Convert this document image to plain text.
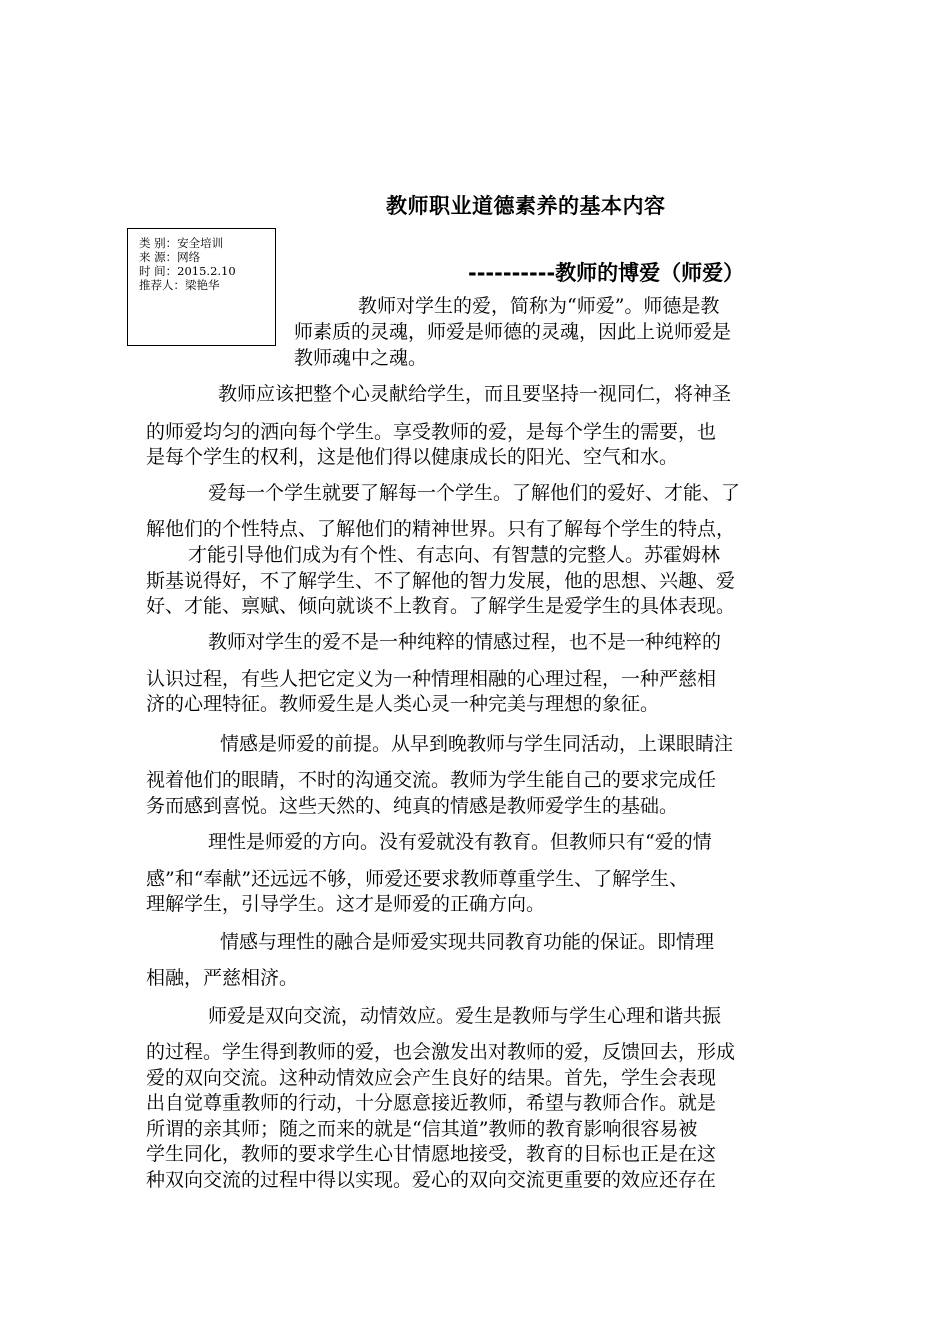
教师职业道德素养的基本内容
类 别：安全培训
来 源：网络
时 间：2015.2.10
推荐人：梁艳华	----------教师的博爱（师爱）
教师对学生的爱，简称为“师爱”。师德是教
师素质的灵魂，师爱是师德的灵魂，因此上说师爱是
教师魂中之魂。
教师应该把整个心灵献给学生，而且要坚持一视同仁，将神圣
的师爱均匀的洒向每个学生。享受教师的爱，是每个学生的需要，也
是每个学生的权利，这是他们得以健康成长的阳光、空气和水。
爱每一个学生就要了解每一个学生。了解他们的爱好、才能、了
解他们的个性特点、了解他们的精神世界。只有了解每个学生的特点，
才能引导他们成为有个性、有志向、有智慧的完整人。苏霍姆林
斯基说得好，不了解学生、不了解他的智力发展，他的思想、兴趣、爱
好、才能、禀赋、倾向就谈不上教育。了解学生是爱学生的具体表现。
教师对学生的爱不是一种纯粹的情感过程，也不是一种纯粹的
认识过程，有些人把它定义为一种情理相融的心理过程，一种严慈相
济的心理特征。教师爱生是人类心灵一种完美与理想的象征。
情感是师爱的前提。从早到晚教师与学生同活动，上课眼睛注
视着他们的眼睛，不时的沟通交流。教师为学生能自己的要求完成任
务而感到喜悦。这些天然的、纯真的情感是教师爱学生的基础。
理性是师爱的方向。没有爱就没有教育。但教师只有“爱的情
感”和“奉献”还远远不够，师爱还要求教师尊重学生、了解学生、
理解学生，引导学生。这才是师爱的正确方向。
情感与理性的融合是师爱实现共同教育功能的保证。即情理
相融，严慈相济。
师爱是双向交流，动情效应。爱生是教师与学生心理和谐共振
的过程。学生得到教师的爱，也会激发出对教师的爱，反馈回去，形成
爱的双向交流。这种动情效应会产生良好的结果。首先，学生会表现
出自觉尊重教师的行动，十分愿意接近教师，希望与教师合作。就是
所谓的亲其师；随之而来的就是“信其道”教师的教育影响很容易被
学生同化，教师的要求学生心甘情愿地接受，教育的目标也正是在这
种双向交流的过程中得以实现。爱心的双向交流更重要的效应还存在
